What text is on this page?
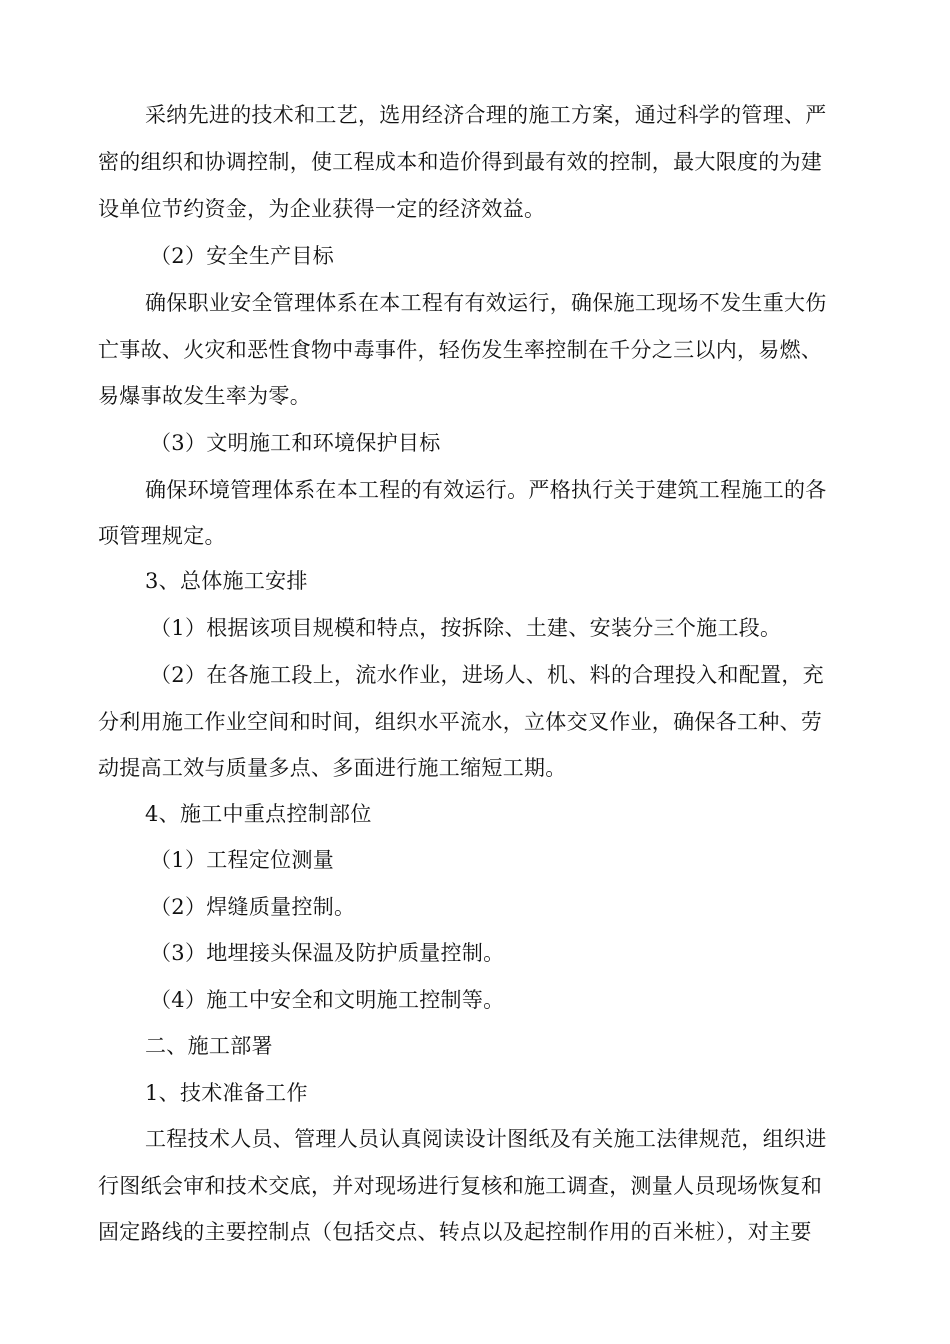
采纳先进的技术和工艺，选用经济合理的施工方案，通过科学的管理、严
密的组织和协调控制，使工程成本和造价得到最有效的控制，最大限度的为建
设单位节约资金，为企业获得一定的经济效益。
（2）安全生产目标
确保职业安全管理体系在本工程有有效运行，确保施工现场不发生重大伤
亡事故、火灾和恶性食物中毒事件，轻伤发生率控制在千分之三以内，易燃、
易爆事故发生率为零。
（3）文明施工和环境保护目标
确保环境管理体系在本工程的有效运行。严格执行关于建筑工程施工的各
项管理规定。
3、总体施工安排
（1）根据该项目规模和特点，按拆除、土建、安装分三个施工段。
（2）在各施工段上，流水作业，进场人、机、料的合理投入和配置，充
分利用施工作业空间和时间，组织水平流水，立体交叉作业，确保各工种、劳
动提高工效与质量多点、多面进行施工缩短工期。
4、施工中重点控制部位
（1）工程定位测量
（2）焊缝质量控制。
（3）地埋接头保温及防护质量控制。
（4）施工中安全和文明施工控制等。
二、施工部署
1、技术准备工作
工程技术人员、管理人员认真阅读设计图纸及有关施工法律规范，组织进
行图纸会审和技术交底，并对现场进行复核和施工调查，测量人员现场恢复和
固定路线的主要控制点（包括交点、转点以及起控制作用的百米桩），对主要
